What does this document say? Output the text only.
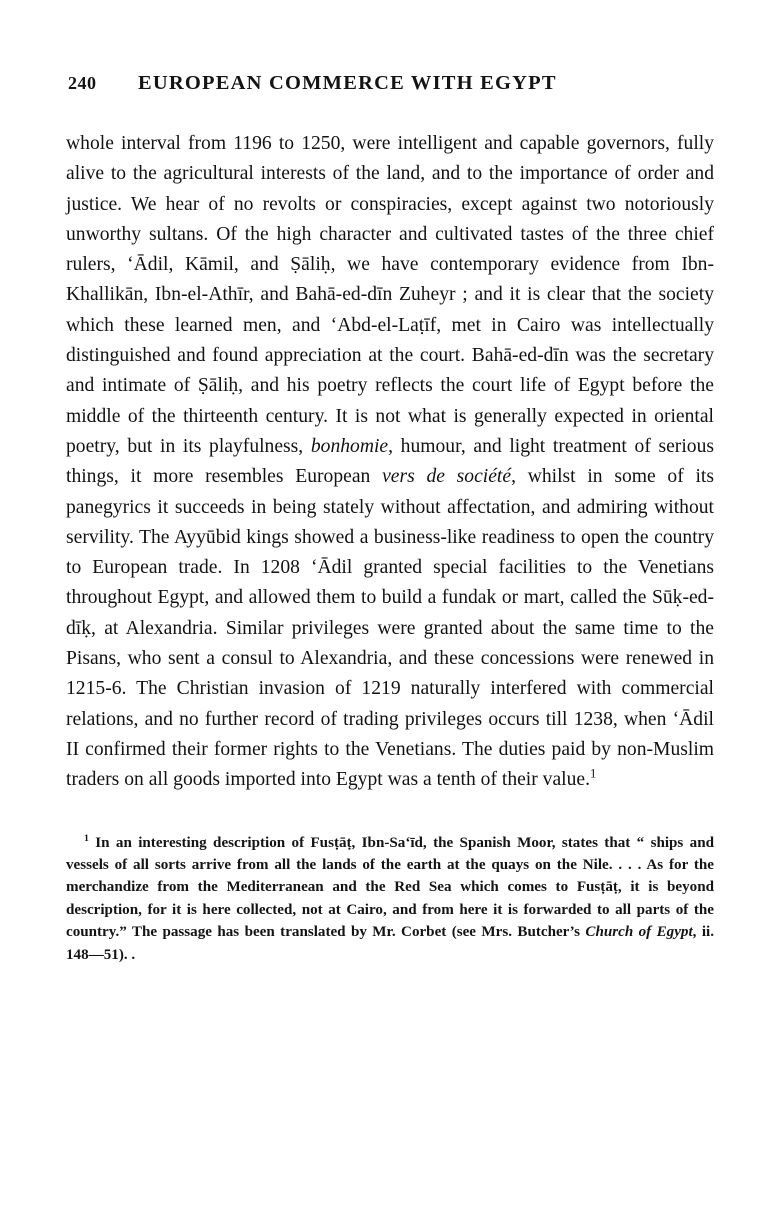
240	EUROPEAN COMMERCE WITH EGYPT

whole interval from 1196 to 1250, were intelligent and capable governors, fully alive to the agricultural interests of the land, and to the importance of order and justice. We hear of no revolts or conspiracies, except against two notoriously unworthy sultans. Of the high character and cultivated tastes of the three chief rulers, ‘Ādil, Kāmil, and Ṣāliḥ, we have contemporary evidence from Ibn-Khallikān, Ibn-el-Athīr, and Bahā-ed-dīn Zuheyr ; and it is clear that the society which these learned men, and ‘Abd-el-Laṭīf, met in Cairo was intellectually distinguished and found appreciation at the court. Bahā-ed-dīn was the secretary and intimate of Ṣāliḥ, and his poetry reflects the court life of Egypt before the middle of the thirteenth century. It is not what is generally expected in oriental poetry, but in its playfulness, bonhomie, humour, and light treatment of serious things, it more resembles European vers de société, whilst in some of its panegyrics it succeeds in being stately without affectation, and admiring without servility. The Ayyūbid kings showed a business-like readiness to open the country to European trade. In 1208 ‘Ādil granted special facilities to the Venetians throughout Egypt, and allowed them to build a fundak or mart, called the Sūḳ-ed-dīḳ, at Alexandria. Similar privileges were granted about the same time to the Pisans, who sent a consul to Alexandria, and these concessions were renewed in 1215-6. The Christian invasion of 1219 naturally interfered with commercial relations, and no further record of trading privileges occurs till 1238, when ‘Ādil II confirmed their former rights to the Venetians. The duties paid by non-Muslim traders on all goods imported into Egypt was a tenth of their value.$^1$

$^1$ In an interesting description of Fusṭāṭ, Ibn-Sa‘īd, the Spanish Moor, states that “ ships and vessels of all sorts arrive from all the lands of the earth at the quays on the Nile. . . . As for the merchandize from the Mediterranean and the Red Sea which comes to Fusṭāṭ, it is beyond description, for it is here collected, not at Cairo, and from here it is forwarded to all parts of the country.” The passage has been translated by Mr. Corbet (see Mrs. Butcher’s Church of Egypt, ii. 148—51). .
